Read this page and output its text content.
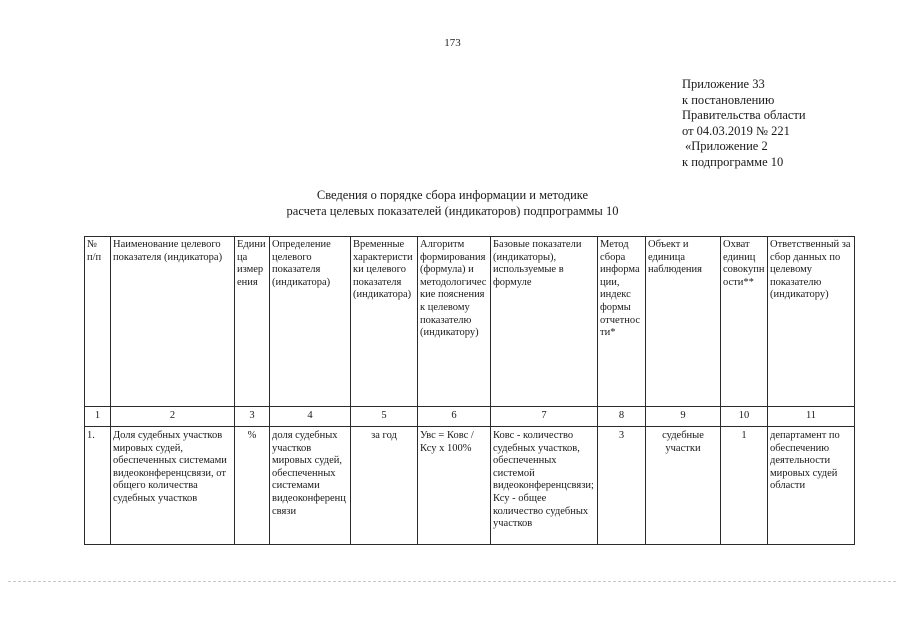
173
Приложение 33
к постановлению
Правительства области
от 04.03.2019 № 221
«Приложение 2
к подпрограмме 10
Сведения о порядке сбора информации и методике
расчета целевых показателей (индикаторов) подпрограммы 10
№ п/п	Наименование целевого показателя (индикатора)	Единица измерения	Определение целевого показателя (индикатора)	Временные характеристики целевого показателя (индикатора)	Алгоритм формирования (формула) и методологические пояснения к целевому показателю (индикатору)	Базовые показатели (индикаторы), используемые в формуле	Метод сбора информации, индекс формы отчетности*	Объект и единица наблюдения	Охват единиц совокупности**	Ответственный за сбор данных по целевому показателю (индикатору)
1	2	3	4	5	6	7	8	9	10	11
1.	Доля судебных участков мировых судей, обеспеченных системами видеоконференцсвязи, от общего количества судебных участков	%	доля судебных участков мировых судей, обеспеченных системами видеоконференцсвязи	за год	Увс = Ковс / Ксу х 100%	Ковс - количество судебных участков, обеспеченных системой видеоконференцсвязи; Ксу - общее количество судебных участков	3	судебные участки	1	департамент по обеспечению деятельности мировых судей области
